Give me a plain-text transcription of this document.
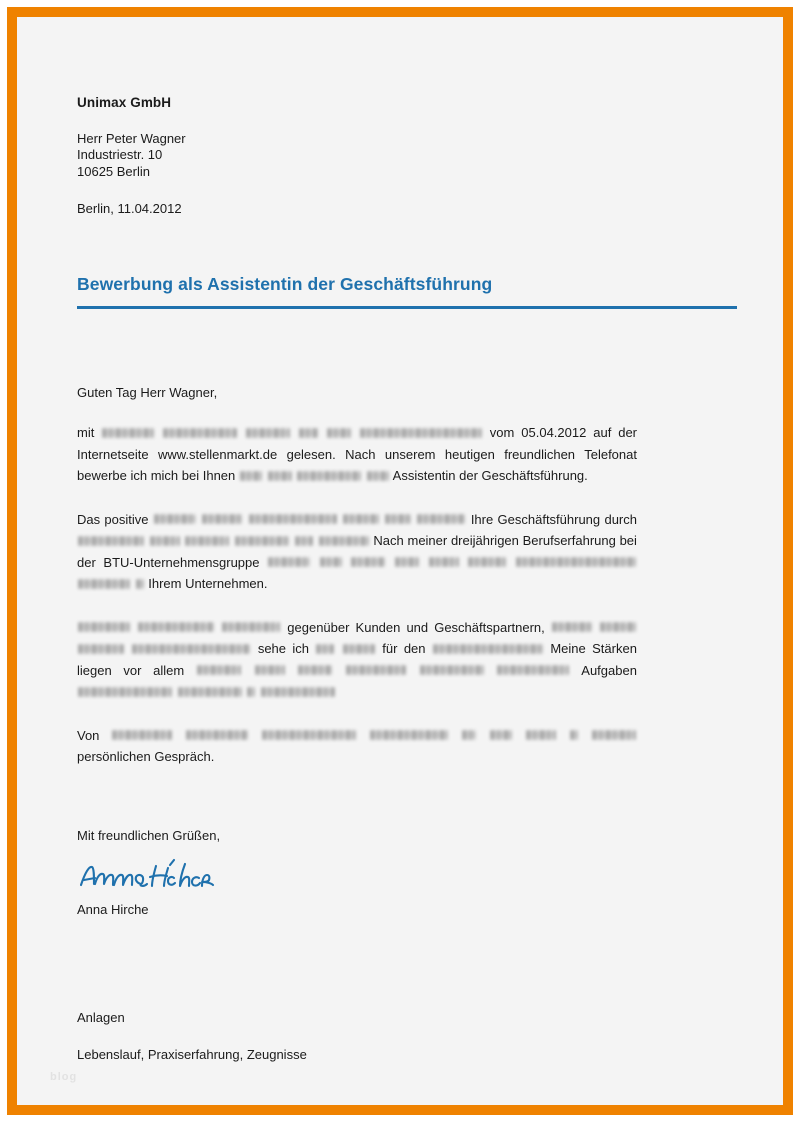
Unimax GmbH
Herr Peter Wagner
Industriestr. 10
10625 Berlin
Berlin, 11.04.2012
Bewerbung als Assistentin der Geschäftsführung
Guten Tag Herr Wagner,

mit	vom 05.04.2012 auf der Internetseite www.stellenmarkt.de gelesen. Nach unserem heutigen freundlichen Telefonat bewerbe ich mich bei Ihnen	Assistentin der Geschäftsführung.

Das positive	Ihre Geschäftsführung durch       Nach meiner dreijährigen Berufserfahrung bei der BTU-Unternehmensgruppe          Ihrem Unternehmen.

gegenüber Kunden und Geschäftspartnern,     sehe ich	für den	Meine Stärken liegen vor allem	Aufgaben

Von          persönlichen Gespräch.

Mit freundlichen Grüßen,
Anna Hirche
Anlagen
Lebenslauf, Praxiserfahrung, Zeugnisse
blog
